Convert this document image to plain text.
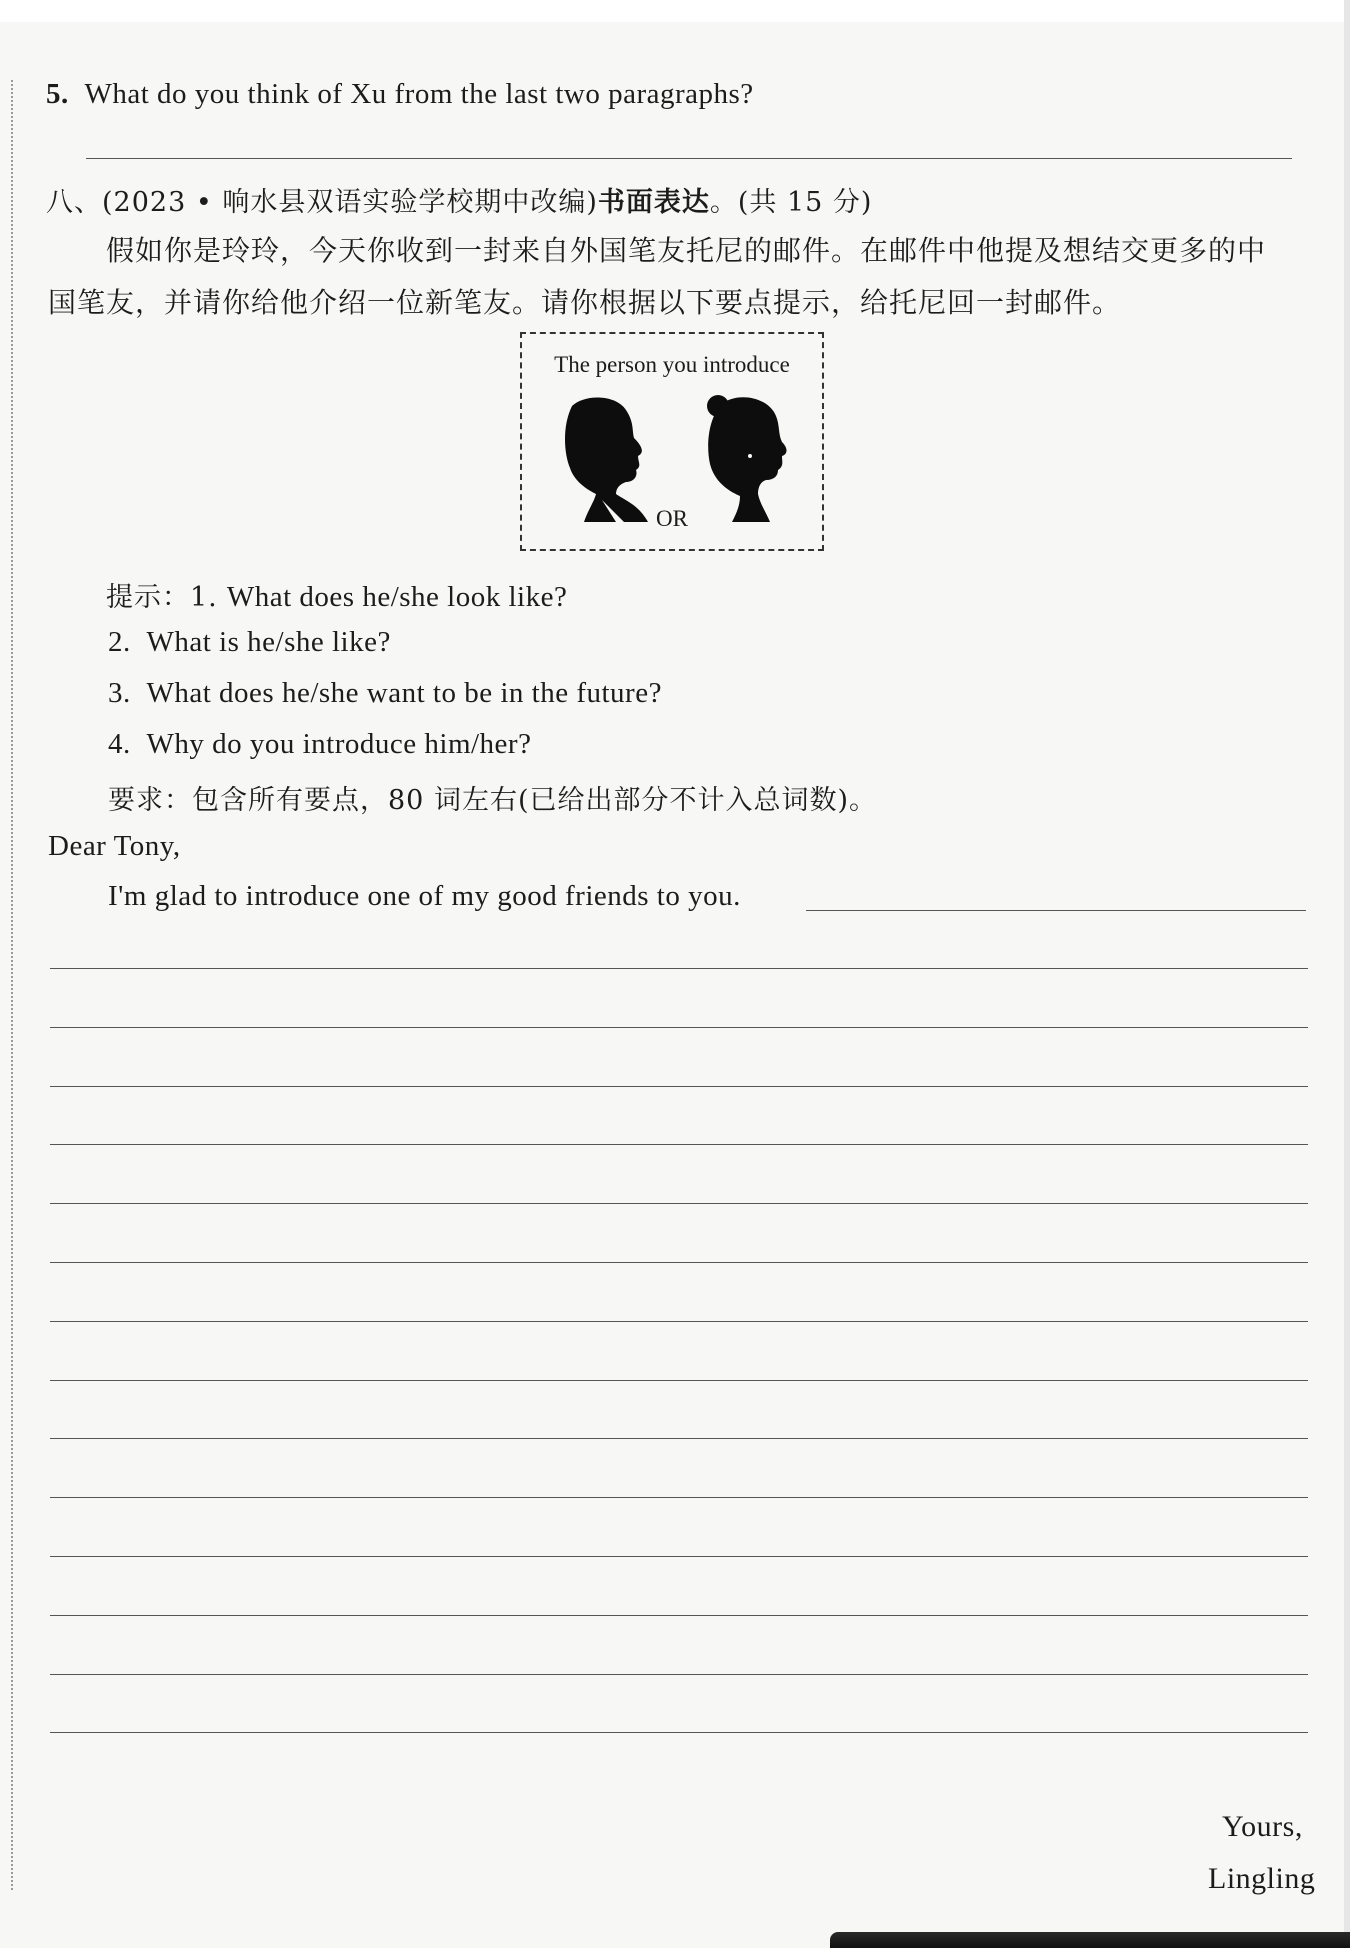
5. What do you think of Xu from the last two paragraphs?
八、(2023 • 响水县双语实验学校期中改编)书面表达。(共 15 分)
假如你是玲玲，今天你收到一封来自外国笔友托尼的邮件。在邮件中他提及想结交更多的中
国笔友，并请你给他介绍一位新笔友。请你根据以下要点提示，给托尼回一封邮件。
The person you introduce
OR
提示：1. What does he/she look like?
2. What is he/she like?
3. What does he/she want to be in the future?
4. Why do you introduce him/her?
要求：包含所有要点，80 词左右(已给出部分不计入总词数)。
Dear Tony,
I'm glad to introduce one of my good friends to you.
Yours,
Lingling
